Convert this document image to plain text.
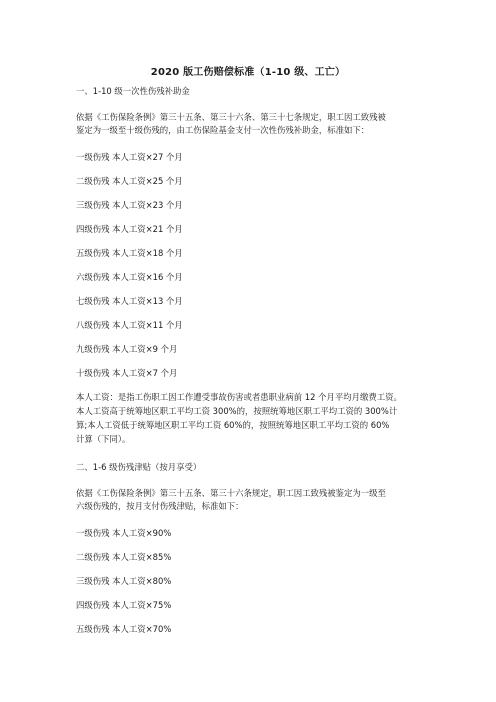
2020 版工伤赔偿标准（1-10 级、工亡）
一、1-10 级一次性伤残补助金
依据《工伤保险条例》第三十五条、第三十六条、第三十七条规定，职工因工致残被
鉴定为一级至十级伤残的，由工伤保险基金支付一次性伤残补助金，标准如下：
一级伤残 本人工资×27 个月
二级伤残 本人工资×25 个月
三级伤残 本人工资×23 个月
四级伤残 本人工资×21 个月
五级伤残 本人工资×18 个月
六级伤残 本人工资×16 个月
七级伤残 本人工资×13 个月
八级伤残 本人工资×11 个月
九级伤残 本人工资×9 个月
十级伤残 本人工资×7 个月
本人工资：是指工伤职工因工作遭受事故伤害或者患职业病前 12 个月平均月缴费工资。
本人工资高于统筹地区职工平均工资 300%的，按照统筹地区职工平均工资的 300%计
算;本人工资低于统筹地区职工平均工资 60%的，按照统筹地区职工平均工资的 60%
计算（下同）。
二、1-6 级伤残津贴（按月享受）
依据《工伤保险条例》第三十五条、第三十六条规定，职工因工致残被鉴定为一级至
六级伤残的，按月支付伤残津贴，标准如下：
一级伤残 本人工资×90%
二级伤残 本人工资×85%
三级伤残 本人工资×80%
四级伤残 本人工资×75%
五级伤残 本人工资×70%
